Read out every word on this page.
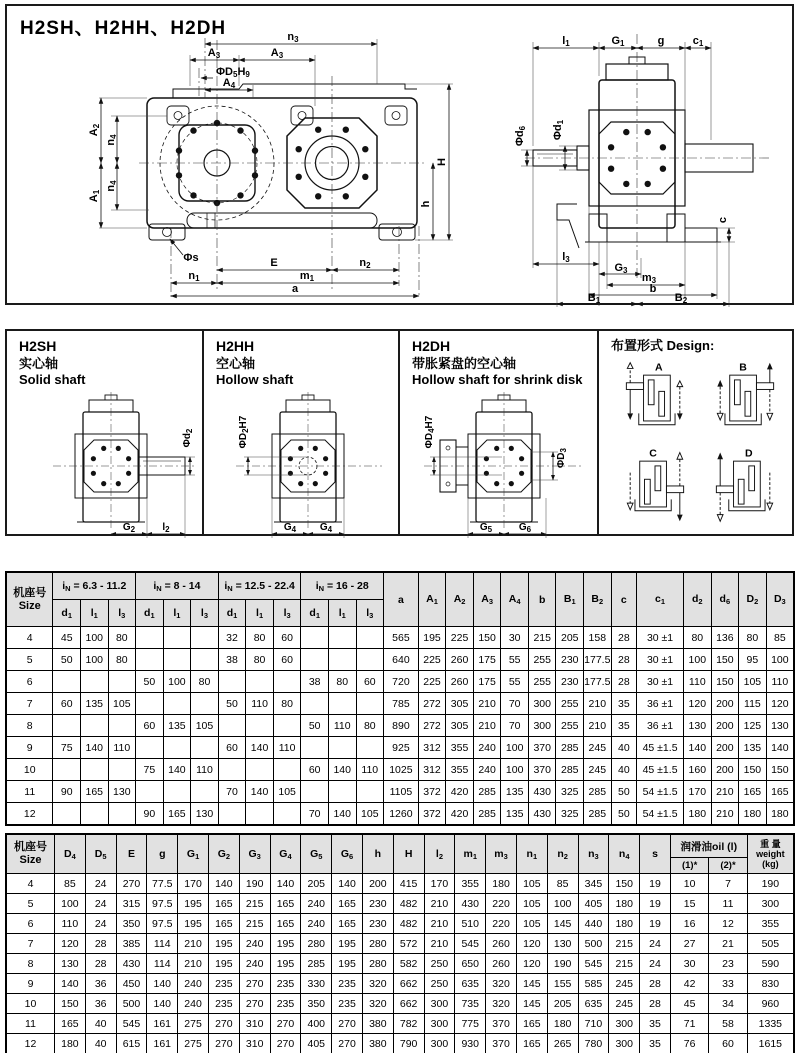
H2SH、H2HH、H2DH	$n_3$
$A_3$	$A_3$
$\Phi D_5H_9$
$A_4$
$A_2$
$n_4$
$A_1$
$n_4$
H
h
Φs	E	$n_2$
$n_1$	$m_1$
a
$l_1$	$G_1$	g	$c_1$
$\Phi d_1$
$\Phi d_6$
c
$l_3$
$G_3$
$m_3$
b
$B_1$	$B_2$
H2SH
实心轴
Solid shaft
$\Phi d_2$
$G_2$	$l_2$
H2HH
空心轴
Hollow shaft
$\Phi D_2H7$
$G_4$ $G_4$
H2DH
带胀紧盘的空心轴
Hollow shaft for shrink disk
$\Phi D_4H7$
$\Phi D_3$
$G_5$	$G_6$
布置形式 Design:
A	B
C	D
机座号
Size	$i_N = 6.3 - 11.2$			$i_N = 8 - 14$			$i_N = 12.5 - 22.4$			$i_N = 16 - 28$			a	$A_1$	$A_2$	$A_3$	$A_4$	b	$B_1$	$B_2$	c	$c_1$	$d_2$	$d_6$	$D_2$	$D_3$
	$d_1$	$l_1$	$l_3$	$d_1$	$l_1$	$l_3$	$d_1$	$l_1$	$l_3$	$d_1$	$l_1$	$l_3$
4	45	100	80				32	80	60				565	195	225	150	30	215	205	158	28	30 ±1	80	136	80	85
5	50	100	80				38	80	60				640	225	260	175	55	255	230	177.5	28	30 ±1	100	150	95	100
6				50	100	80				38	80	60	720	225	260	175	55	255	230	177.5	28	30 ±1	110	150	105	110
7	60	135	105				50	110	80				785	272	305	210	70	300	255	210	35	36 ±1	120	200	115	120
8				60	135	105				50	110	80	890	272	305	210	70	300	255	210	35	36 ±1	130	200	125	130
9	75	140	110				60	140	110				925	312	355	240	100	370	285	245	40	45 ±1.5	140	200	135	140
10				75	140	110				60	140	110	1025	312	355	240	100	370	285	245	40	45 ±1.5	160	200	150	150
11	90	165	130				70	140	105				1105	372	420	285	135	430	325	285	50	54 ±1.5	170	210	165	165
12				90	165	130				70	140	105	1260	372	420	285	135	430	325	285	50	54 ±1.5	180	210	180	180
机座号
Size	$D_4$	$D_5$	E	g	$G_1$	$G_2$	$G_3$	$G_4$	$G_5$	$G_6$	h	H	$l_2$	$m_1$	$m_3$	$n_1$	$n_2$	$n_3$	$n_4$	s	润滑油oil (l)		重 量
weight
(kg)
																					(1)*	(2)*	
4	85	24	270	77.5	170	140	190	140	205	140	200	415	170	355	180	105	85	345	150	19	10	7	190
5	100	24	315	97.5	195	165	215	165	240	165	230	482	210	430	220	105	100	405	180	19	15	11	300
6	110	24	350	97.5	195	165	215	165	240	165	230	482	210	510	220	105	145	440	180	19	16	12	355
7	120	28	385	114	210	195	240	195	280	195	280	572	210	545	260	120	130	500	215	24	27	21	505
8	130	28	430	114	210	195	240	195	285	195	280	582	250	650	260	120	190	545	215	24	30	23	590
9	140	36	450	140	240	235	270	235	330	235	320	662	250	635	320	145	155	585	245	28	42	33	830
10	150	36	500	140	240	235	270	235	350	235	320	662	300	735	320	145	205	635	245	28	45	34	960
11	165	40	545	161	275	270	310	270	400	270	380	782	300	775	370	165	180	710	300	35	71	58	1335
12	180	40	615	161	275	270	310	270	405	270	380	790	300	930	370	165	265	780	300	35	76	60	1615
